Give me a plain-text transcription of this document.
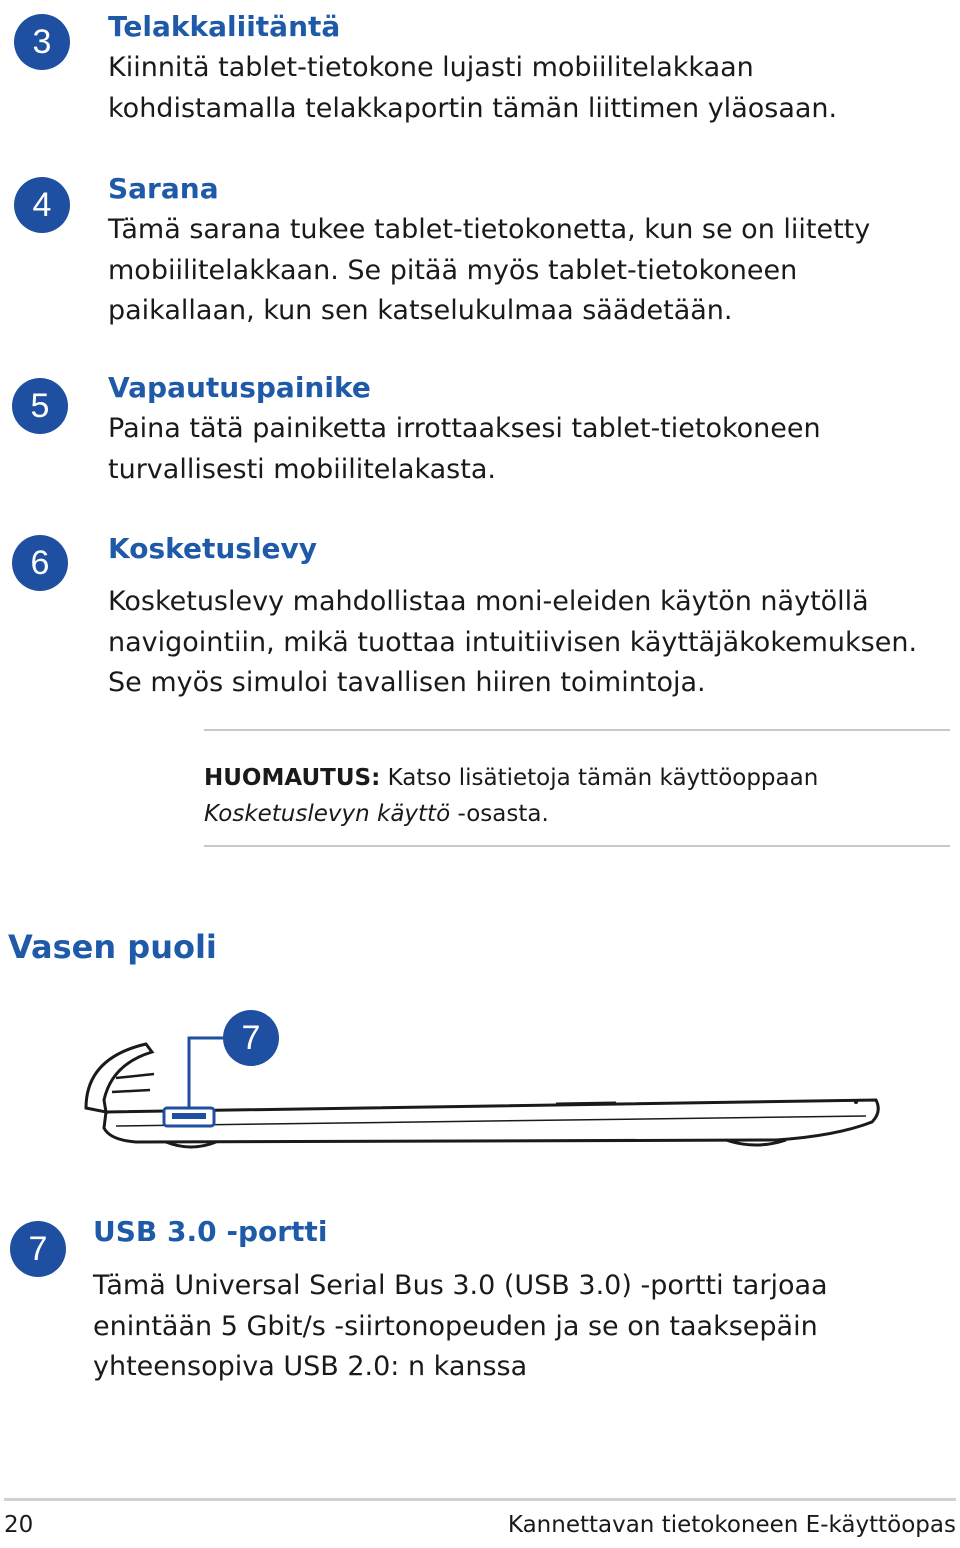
3	Telakkaliitäntä

Kiinnitä tablet-tietokone lujasti mobiilitelakkaan kohdistamalla telakkaportin tämän liittimen yläosaan.

4	Sarana

Tämä sarana tukee tablet-tietokonetta, kun se on liitetty mobiilitelakkaan. Se pitää myös tablet-tietokoneen paikallaan, kun sen katselukulmaa säädetään.

5	Vapautuspainike

Paina tätä painiketta irrottaaksesi tablet-tietokoneen turvallisesti mobiilitelakasta.

6	Kosketuslevy

Kosketuslevy mahdollistaa moni-eleiden käytön näytöllä navigointiin, mikä tuottaa intuitiivisen käyttäjäkokemuksen. Se myös simuloi tavallisen hiiren toimintoja.

HUOMAUTUS: Katso lisätietoja tämän käyttöoppaan
Kosketuslevyn käyttö -osasta.

Vasen puoli
7
7	USB 3.0 -portti

Tämä Universal Serial Bus 3.0 (USB 3.0) -portti tarjoaa enintään 5 Gbit/s -siirtonopeuden ja se on taaksepäin yhteensopiva USB 2.0: n kanssa

20	Kannettavan tietokoneen E-käyttöopas
